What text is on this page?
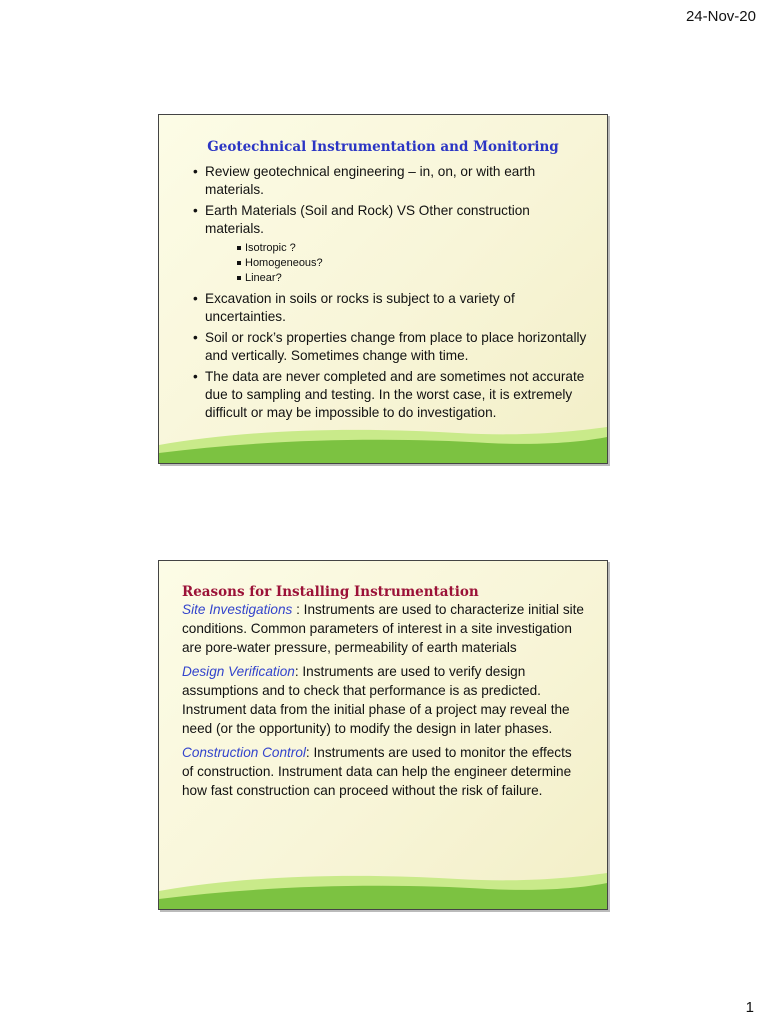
24-Nov-20
Geotechnical Instrumentation and Monitoring
• Review geotechnical engineering – in, on, or with earth materials.
• Earth Materials (Soil and Rock) VS Other construction materials.
Isotropic ?
Homogeneous?
Linear?
• Excavation in soils or rocks is subject to a variety of uncertainties.
• Soil or rock’s properties change from place to place horizontally and vertically. Sometimes change with time.
• The data are never completed and are sometimes not accurate due to sampling and testing. In the worst case, it is extremely difficult or may be impossible to do investigation.
Reasons for Installing Instrumentation
Site Investigations : Instruments are used to characterize initial site conditions. Common parameters of interest in a site investigation are pore-water pressure, permeability of earth materials
Design Verification: Instruments are used to verify design assumptions and to check that performance is as predicted. Instrument data from the initial phase of a project may reveal the need (or the opportunity) to modify the design in later phases.
Construction Control: Instruments are used to monitor the effects of construction. Instrument data can help the engineer determine how fast construction can proceed without the risk of failure.
1
